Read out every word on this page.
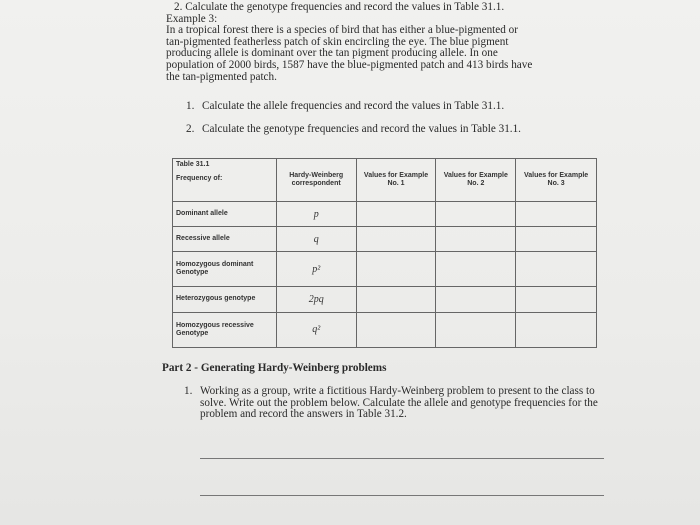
2. Calculate the genotype frequencies and record the values in Table 31.1.

Example 3:

In a tropical forest there is a species of bird that has either a blue-pigmented or

tan-pigmented featherless patch of skin encircling the eye. The blue pigment

producing allele is dominant over the tan pigment producing allele. In one

population of 2000 birds, 1587 have the blue-pigmented patch and 413 birds have

the tan-pigmented patch.

1. Calculate the allele frequencies and record the values in Table 31.1.
2. Calculate the genotype frequencies and record the values in Table 31.1.
Table 31.1	Hardy-Weinberg correspondent	Values for Example No. 1	Values for Example No. 2	Values for Example No. 3
Frequency of:				
Dominant allele	p			
Recessive allele	q			
Homozygous dominant Genotype	p²			
Heterozygous genotype	2pq			
Homozygous recessive Genotype	q²			
Part 2 - Generating Hardy-Weinberg problems
1. Working as a group, write a fictitious Hardy-Weinberg problem to present to the class to solve. Write out the problem below. Calculate the allele and genotype frequencies for the problem and record the answers in Table 31.2.
